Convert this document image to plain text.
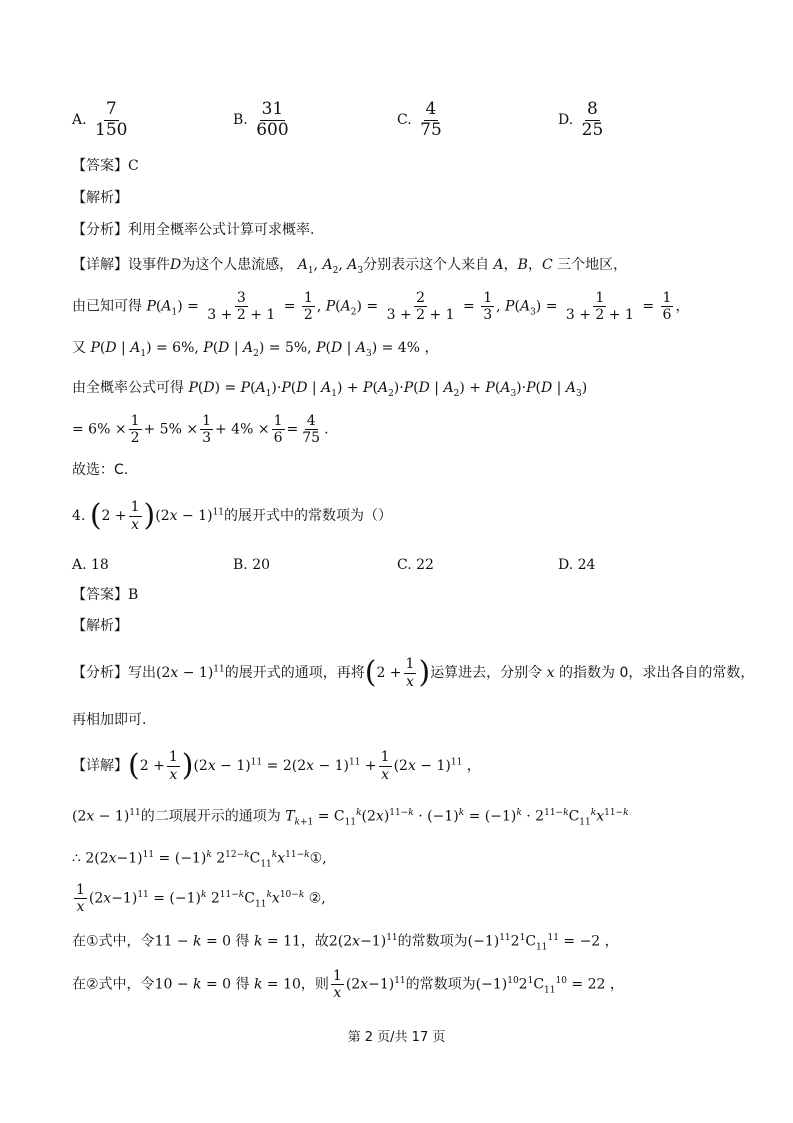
A. $\frac{7}{150}$	B. $\frac{31}{600}$	C. $\frac{4}{75}$	D. $\frac{8}{25}$
【答案】C
【解析】
【分析】利用全概率公式计算可求概率.
【详解】设事件D为这个人患流感， $A_1$, $A_2$, $A_3$分别表示这个人来自 A，B，C 三个地区，
由已知可得 $P(A_1) = \frac{3}{3 + 2 + 1} = \frac{1}{2}$ , $P(A_2) = \frac{2}{3 + 2 + 1} = \frac{1}{3}$ , $P(A_3) = \frac{1}{3 + 2 + 1} = \frac{1}{6}$ ，
又 P(D | $A_1) = 6\%$, P(D | $A_2) = 5\%$, P(D | $A_3) = 4\%$ ，
由全概率公式可得 $P(D) = P(A_1)\cdot P(D$ | $A_1) + P(A_2)\cdot P(D$ | $A_2) + P(A_3)\cdot P(D$ | $A_3$)
= $6\% \times \frac{1}{2} + 5\% \times \frac{1}{3} + 4\% \times \frac{1}{6} = \frac{4}{75}$ .
故选：C.
4. $(2 + \frac{1}{x} )(2x - 1)^{11}$的展开式中的常数项为（）
A. 18	B. 20	C. 22	D. 24
【答案】B
【解析】
【分析】写出$(2x - 1)^{11}$的展开式的通项，再将($2 + \frac{1}{x}$ )运算进去，分别令 x 的指数为 0，求出各自的常数，
再相加即可.
【详解】$(2 + \frac{1}{x} )(2x - 1)^{11} = 2(2x - 1)^{11} + \frac{1}{x} (2x - 1)^{11}$ ，
$(2x - 1)^{11}$的二项展开示的通项为 $T_{k+1} = C_{11}^k(2x)^{11-k} \cdot (-1)^k = (-1)^k \cdot 2^{11-k}C_{11}^kx^{11-k}$
∴ $2(2x-1)^{11} = (-1)^k$ $2^{12-k}C_{11}^kx^{11-k}①$,
$\frac{1}{x} (2x-1)^{11} = (-1)^k$ $2^{11-k}C_{11}^kx^{10-k}$ ②,
在①式中，令11 − k = 0 得 k = 11，故$2(2x-1)^{11}$的常数项为$(-1)^{11}2^1C_{11}^{11} = -2$ ，
在②式中，令10 − k = 0 得 k = 10，则 $\frac{1}{x} (2x-1)^{11}$的常数项为$(-1)^{10}2^1C_{11}^{10} = 22$ ，
第 2 页/共 17 页
